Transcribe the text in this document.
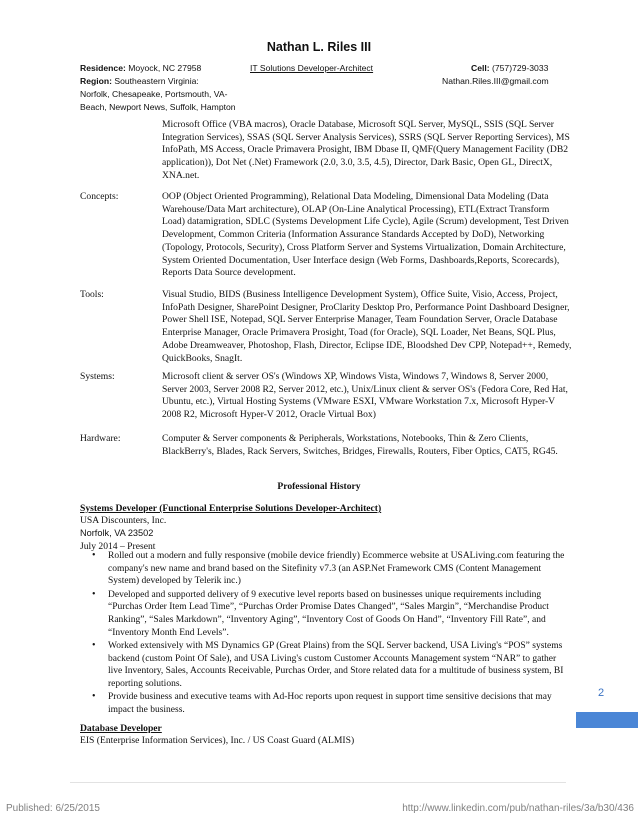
Nathan L. Riles III
Residence: Moyock, NC 27958	IT Solutions Developer-Architect	Cell: (757)729-3033
Region: Southeastern Virginia:	Nathan.Riles.III@gmail.com
Norfolk, Chesapeake, Portsmouth, VA-
Beach, Newport News, Suffolk, Hampton
Microsoft Office (VBA macros), Oracle Database, Microsoft SQL Server, MySQL, SSIS (SQL Server Integration Services), SSAS (SQL Server Analysis Services), SSRS (SQL Server Reporting Services), MS InfoPath, MS Access, Oracle Primavera Prosight, IBM Dbase II, QMF(Query Management Facility (DB2 application)), Dot Net (.Net) Framework (2.0, 3.0, 3.5, 4.5), Director, Dark Basic, Open GL, DirectX, XNA.net.
Concepts:	OOP (Object Oriented Programming), Relational Data Modeling, Dimensional Data Modeling (Data Warehouse/Data Mart architecture), OLAP (On-Line Analytical Processing), ETL(Extract Transform Load) datamigration, SDLC (Systems Development Life Cycle), Agile (Scrum) development, Test Driven Development, Common Criteria (Information Assurance Standards Accepted by DoD), Networking (Topology, Protocols, Security), Cross Platform Server and Systems Virtualization, Domain Architecture, System Oriented Documentation, User Interface design (Web Forms, Dashboards,Reports, Scorecards), Reports Data Source development.
Tools:	Visual Studio, BIDS (Business Intelligence Development System), Office Suite, Visio, Access, Project, InfoPath Designer, SharePoint Designer, ProClarity Desktop Pro, Performance Point Dashboard Designer, Power Shell ISE, Notepad, SQL Server Enterprise Manager, Team Foundation Server, Oracle Database Enterprise Manager, Oracle Primavera Prosight, Toad (for Oracle), SQL Loader, Net Beans, SQL Plus, Adobe Dreamweaver, Photoshop, Flash, Director, Eclipse IDE, Bloodshed Dev CPP, Notepad++, Remedy, QuickBooks, SnagIt.
Systems:	Microsoft client & server OS's (Windows XP, Windows Vista, Windows 7, Windows 8, Server 2000, Server 2003, Server 2008 R2, Server 2012, etc.), Unix/Linux client & server OS's (Fedora Core, Red Hat, Ubuntu, etc.), Virtual Hosting Systems (VMware ESXI, VMware Workstation 7.x, Microsoft Hyper-V 2008 R2, Microsoft Hyper-V 2012, Oracle Virtual Box)
Hardware:	Computer & Server components & Peripherals, Workstations, Notebooks, Thin & Zero Clients, BlackBerry's, Blades, Rack Servers, Switches, Bridges, Firewalls, Routers, Fiber Optics, CAT5, RG45.
Professional History
Systems Developer (Functional Enterprise Solutions Developer-Architect)
USA Discounters, Inc.
Norfolk, VA 23502
July 2014 – Present
• Rolled out a modern and fully responsive (mobile device friendly) Ecommerce website at USALiving.com featuring the company's new name and brand based on the Sitefinity v7.3 (an ASP.Net Framework CMS (Content Management System) developed by Telerik inc.)
• Developed and supported delivery of 9 executive level reports based on businesses unique requirements including “Purchas Order Item Lead Time”, “Purchas Order Promise Dates Changed”, “Sales Margin”, “Merchandise Product Ranking”, “Sales Markdown”, “Inventory Aging”, “Inventory Cost of Goods On Hand”, “Inventory Fill Rate”, and “Inventory Month End Levels”.
• Worked extensively with MS Dynamics GP (Great Plains) from the SQL Server backend, USA Living's “POS” systems backend (custom Point Of Sale), and USA Living's custom Customer Accounts Management system “NAR” to gather live Inventory, Sales, Accounts Receivable, Purchas Order, and Store related data for a multitude of business system, BI reporting solutions.
• Provide business and executive teams with Ad-Hoc reports upon request in support time sensitive decisions that may impact the business.
Database Developer
EIS (Enterprise Information Services), Inc. / US Coast Guard (ALMIS)
2
Published: 6/25/2015	http://www.linkedin.com/pub/nathan-riles/3a/b30/436
